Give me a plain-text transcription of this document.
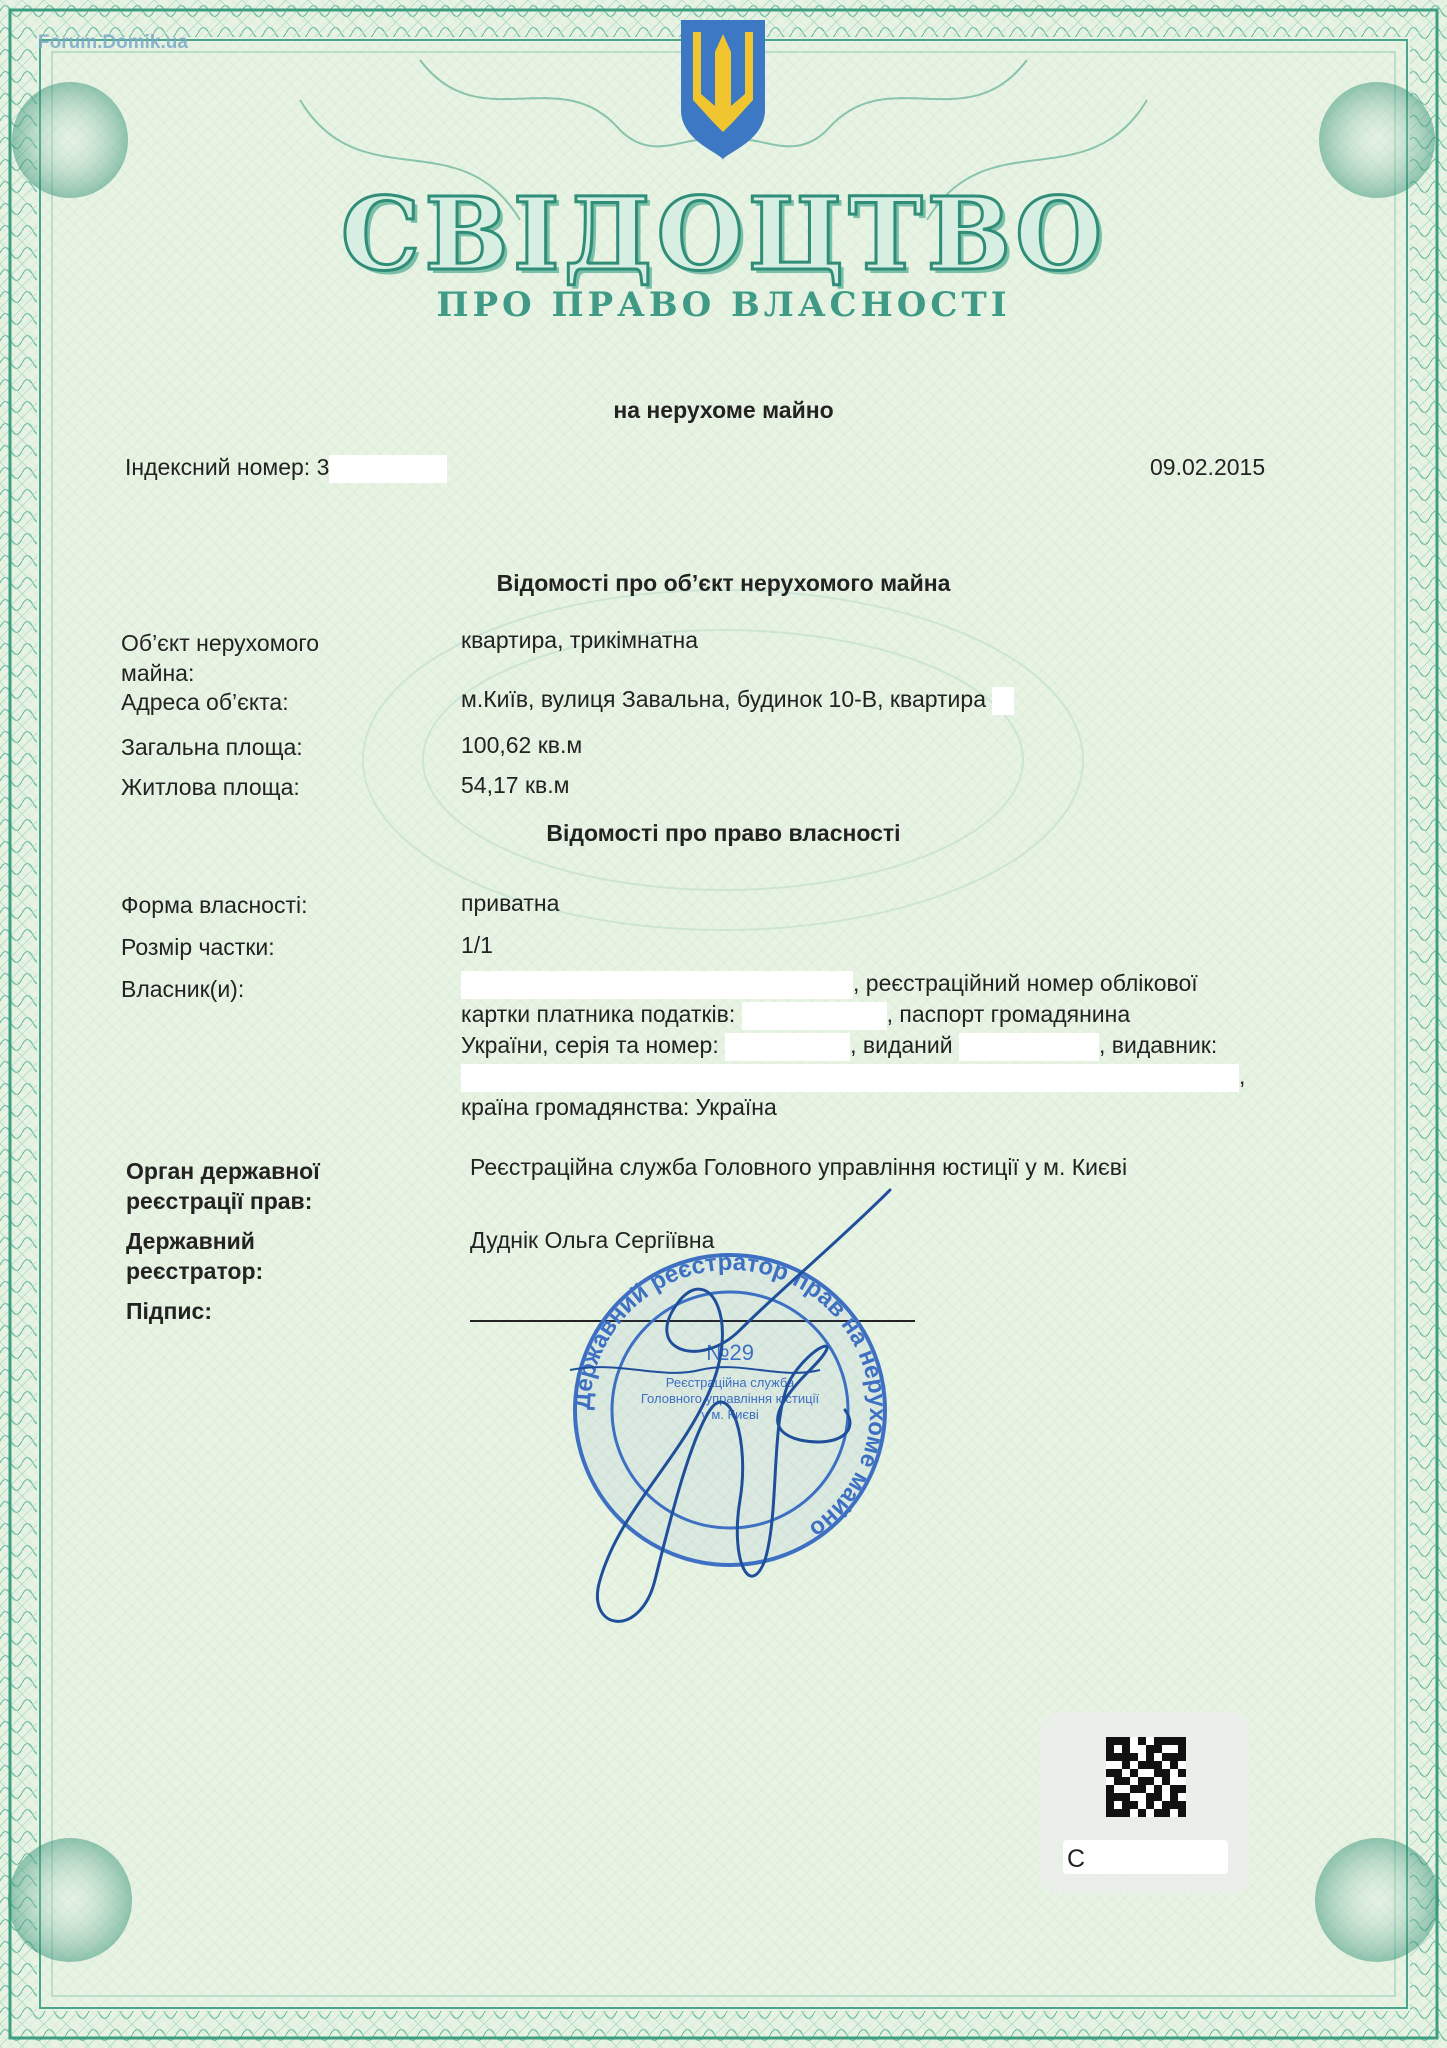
Forum.Domik.ua

СВІДОЦТВО

ПРО ПРАВО ВЛАСНОСТІ

на нерухоме майно

Індексний номер: 3	09.02.2015

Відомості про об’єкт нерухомого майна

Об’єкт нерухомого майна:

квартира, трикімнатна

Адреса об’єкта:	м.Київ, вулиця Завальна, будинок 10-В, квартира

Загальна площа:	100,62 кв.м

Житлова площа:	54,17 кв.м

Відомості про право власності

Форма власності:	приватна

Розмір частки:	1/1

Власник(и):	, реєстраційний номер облікової
картки платника податків:	, паспорт громадянина
України, серія та номер:	, виданий	, видавник:
,
країна громадянства: Україна

Орган державної реєстрації прав:

Реєстраційна служба Головного управління юстиції у м. Києві

Державний реєстратор:

Дуднік Ольга Сергіївна

Підпис:

Державний реєстратор прав на нерухоме майно
№29
Реєстраційна служба Головного управління юстиції у м. Києві
С
